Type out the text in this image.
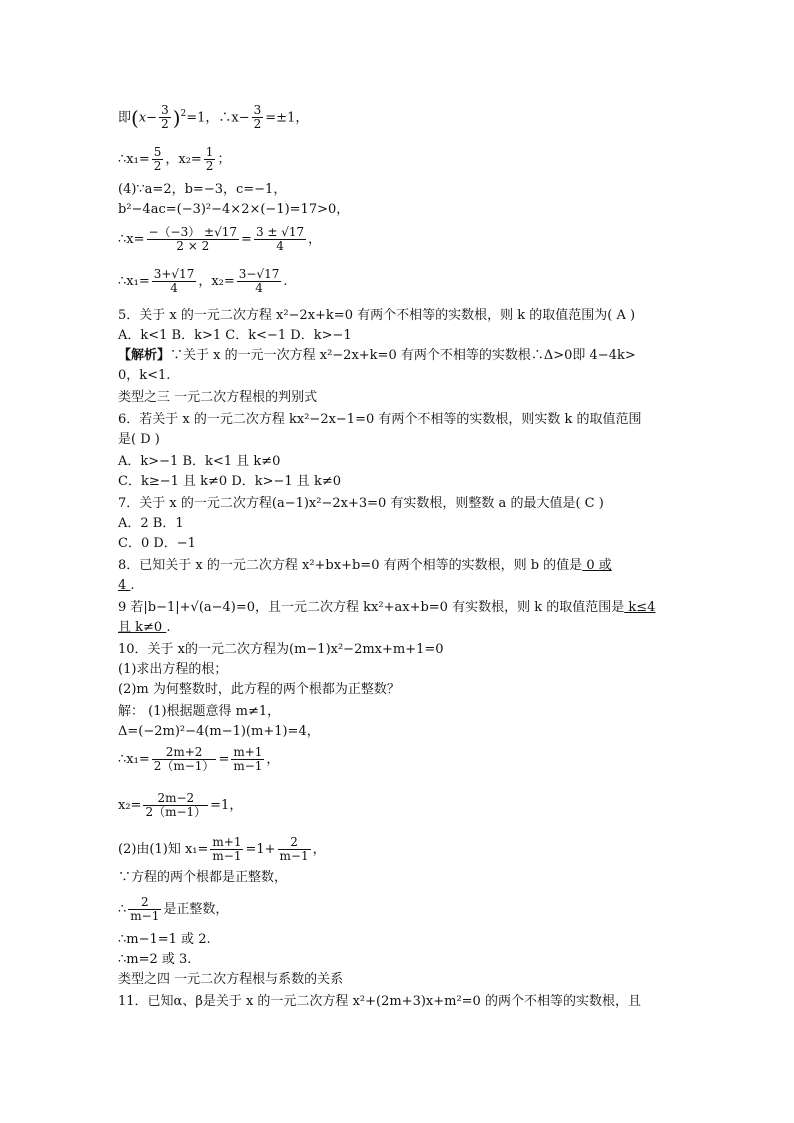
即$(x- \frac{3}{2} )^2=1$，∴x− $\frac{3}{2} =\pm 1$，
∴x₁= $\frac{5}{2}$ ，$x_2= \frac{1}{2}$ ；
(4)∵a=2，b=−3，c=−1，
b²−4ac=(−3)²−4×2×(−1)=17>0，
∴x= $\frac{-(-3) \pm√17}{2 \times 2} = \frac{3 \pm √17}{4}$ ，
∴x₁= $\frac{3+√17}{4}$ ，$x_2= \frac{3-√17}{4}$ .
5．关于 x 的一元二次方程 x²−2x+k=0 有两个不相等的实数根，则 k 的取值范围为( A )
A．k<1 B．k>1 C．k<−1 D．k>−1
【解析】∵关于 x 的一元一次方程 x²−2x+k=0 有两个不相等的实数根∴Δ>0即 4−4k>
0，k<1.
类型之三 一元二次方程根的判别式
6．若关于 x 的一元二次方程 kx²−2x−1=0 有两个不相等的实数根，则实数 k 的取值范围
是( D )
A．k>−1 B．k<1 且 k≠0
C．k≥−1 且 k≠0 D．k>−1 且 k≠0
7．关于 x 的一元二次方程(a−1)x²−2x+3=0 有实数根，则整数 a 的最大值是( C )
A．2 B．1
C．0 D．−1
8．已知关于 x 的一元二次方程 x²+bx+b=0 有两个相等的实数根，则 b 的值是 0 或
4 .
9 若|b−1|+√(a−4)=0，且一元二次方程 kx²+ax+b=0 有实数根，则 k 的取值范围是 k≤4
且 k≠0 .
10．关于 x的一元二次方程为(m−1)x²−2mx+m+1=0
(1)求出方程的根；
(2)m 为何整数时，此方程的两个根都为正整数？
解： (1)根据题意得 m≠1，
Δ=(−2m)²−4(m−1)(m+1)=4，
∴x₁= $\frac{2m+2}{2(m-1)} = \frac{m+1}{m-1}$ ，
$x_2= \frac{2m-2}{2(m-1)} =1$，
(2)由(1)知 $x_1= \frac{m+1}{m-1} =1+ \frac{2}{m-1}$ ，
∵方程的两个根都是正整数，
∴ $\frac{2}{m-1}$ 是正整数，
∴m−1=1 或 2.
∴m=2 或 3.
类型之四 一元二次方程根与系数的关系
11．已知α、β是关于 x 的一元二次方程 x²+(2m+3)x+m²=0 的两个不相等的实数根，且
